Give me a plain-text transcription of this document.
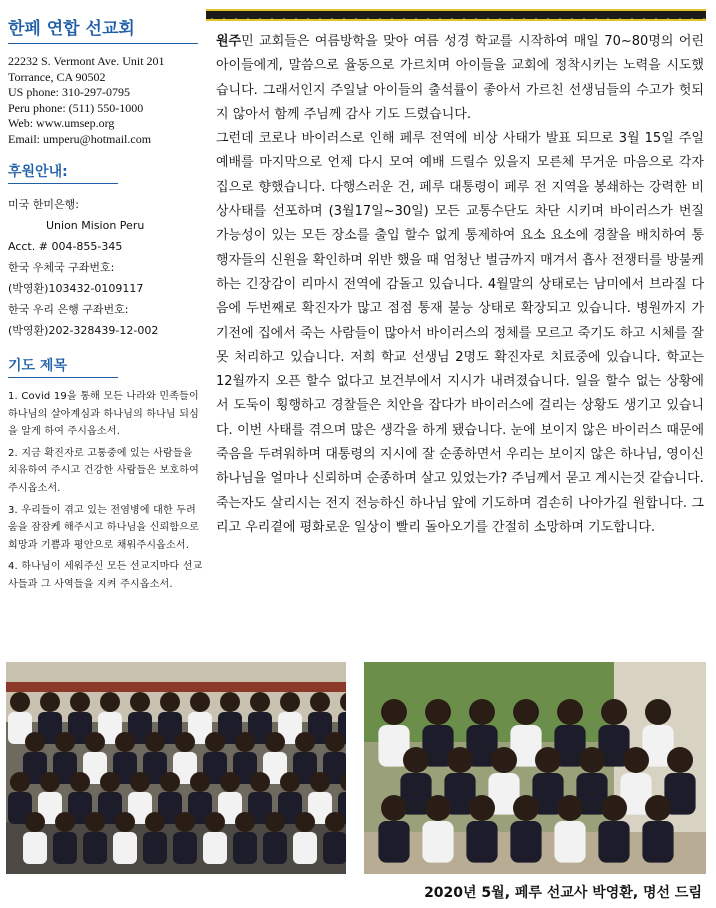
한페 연합 선교회
22232 S. Vermont Ave. Unit 201
Torrance, CA 90502
US phone: 310-297-0795
Peru phone: (511) 550-1000
Web: www.umsep.org
Email: umperu@hotmail.com
후원안내:
미국 한미은행:
Union Mision Peru
Acct. # 004-855-345
한국 우체국 구좌번호:
(박영환)103432-0109117
한국 우리 은행 구좌번호:
(박영환)202-328439-12-002
기도 제목
1. Covid 19을 통해 모든 나라와 민족들이 하나님의 살아계심과 하나님의 하나님 되심을 알게 하여 주시옵소서.
2. 지금 확진자로 고통중에 있는 사람들을 치유하여 주시고 건강한 사람들은 보호하여 주시옵소서.
3. 우리들이 겪고 있는 전염병에 대한 두려움을 잠잠케 해주시고 하나님을 신뢰함으로 희망과 기쁨과 평안으로 채워주시옵소서.
4. 하나님이 세워주신 모든 선교지마다 선교사들과 그 사역들을 지켜 주시옵소서.

원주민 교회들은 여름방학을 맞아 여름 성경 학교를 시작하여 매일 70~80명의 어린 아이들에게, 말씀으로 율동으로 가르치며 아이들을 교회에 정착시키는 노력을 시도했습니다. 그래서인지 주일날 아이들의 출석률이 좋아서 가르친 선생님들의 수고가 헛되지 않아서 함께 주님께 감사 기도 드렸습니다.

그런데 코로나 바이러스로 인해 페루 전역에 비상 사태가 발표 되므로 3월 15일 주일 예배를 마지막으로 언제 다시 모여 예배 드릴수 있을지 모른체 무거운 마음으로 각자 집으로 향했습니다. 다행스러운 건, 페루 대통령이 페루 전 지역을 봉쇄하는 강력한 비상사태를 선포하며 (3월17일~30일) 모든 교통수단도 차단 시키며 바이러스가 번질 가능성이 있는 모든 장소를 출입 할수 없게 통제하여 요소 요소에 경찰을 배치하여 통행자들의 신원을 확인하며 위반 했을 때 엄청난 벌금까지 매겨서 흡사 전쟁터를 방불케 하는 긴장감이 리마시 전역에 감돌고 있습니다. 4월말의 상태로는 남미에서 브라질 다음에 두번째로 확진자가 많고 점점 통재 불능 상태로 확장되고 있습니다. 병원까지 가기전에 집에서 죽는 사람들이 많아서 바이러스의 정체를 모르고 죽기도 하고 시체를 잘못 처리하고 있습니다. 저희 학교 선생님 2명도 확진자로 치료중에 있습니다. 학교는 12월까지 오픈 할수 없다고 보건부에서 지시가 내려졌습니다. 일을 할수 없는 상황에서 도둑이 횡행하고 경찰들은 치안을 잡다가 바이러스에 걸리는 상황도 생기고 있습니다. 이번 사태를 겪으며 많은 생각을 하게 됐습니다. 눈에 보이지 않은 바이러스 때문에 죽음을 두려워하며 대통령의 지시에 잘 순종하면서 우리는 보이지 않은 하나님, 영이신 하나님을 얼마나 신뢰하며 순종하며 살고 있었는가? 주님께서 묻고 계시는것 같습니다.

죽는자도 살리시는 전지 전능하신 하나님 앞에 기도하며 겸손히 나아가길 원합니다. 그리고 우리곁에 평화로운 일상이 빨리 돌아오기를 간절히 소망하며 기도합니다.

2020년 5월, 페루 선교사 박영환, 명선 드림
